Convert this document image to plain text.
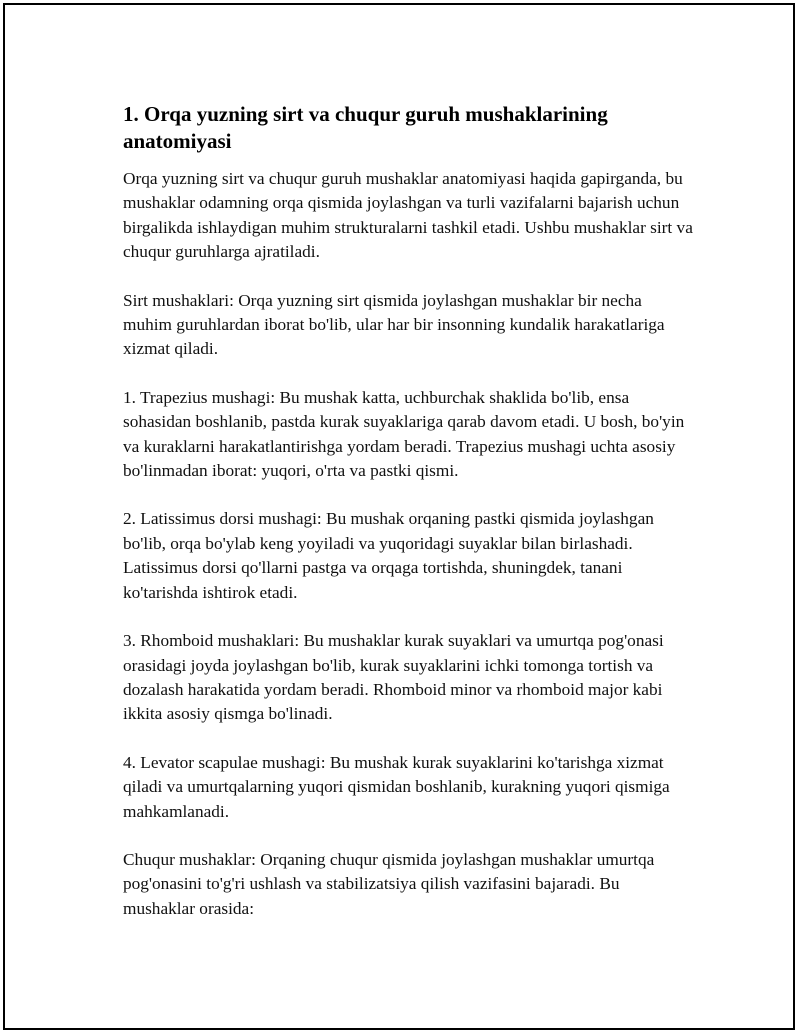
1. Orqa yuzning sirt va chuqur guruh mushaklarining anatomiyasi

Orqa yuzning sirt va chuqur guruh mushaklar anatomiyasi haqida gapirganda, bu mushaklar odamning orqa qismida joylashgan va turli vazifalarni bajarish uchun birgalikda ishlaydigan muhim strukturalarni tashkil etadi. Ushbu mushaklar sirt va chuqur guruhlarga ajratiladi.

Sirt mushaklari: Orqa yuzning sirt qismida joylashgan mushaklar bir necha muhim guruhlardan iborat bo'lib, ular har bir insonning kundalik harakatlariga xizmat qiladi.

1. Trapezius mushagi: Bu mushak katta, uchburchak shaklida bo'lib, ensa sohasidan boshlanib, pastda kurak suyaklariga qarab davom etadi. U bosh, bo'yin va kuraklarni harakatlantirishga yordam beradi. Trapezius mushagi uchta asosiy bo'linmadan iborat: yuqori, o'rta va pastki qismi.

2. Latissimus dorsi mushagi: Bu mushak orqaning pastki qismida joylashgan bo'lib, orqa bo'ylab keng yoyiladi va yuqoridagi suyaklar bilan birlashadi. Latissimus dorsi qo'llarni pastga va orqaga tortishda, shuningdek, tanani ko'tarishda ishtirok etadi.

3. Rhomboid mushaklari: Bu mushaklar kurak suyaklari va umurtqa pog'onasi orasidagi joyda joylashgan bo'lib, kurak suyaklarini ichki tomonga tortish va dozalash harakatida yordam beradi. Rhomboid minor va rhomboid major kabi ikkita asosiy qismga bo'linadi.

4. Levator scapulae mushagi: Bu mushak kurak suyaklarini ko'tarishga xizmat qiladi va umurtqalarning yuqori qismidan boshlanib, kurakning yuqori qismiga mahkamlanadi.

Chuqur mushaklar: Orqaning chuqur qismida joylashgan mushaklar umurtqa pog'onasini to'g'ri ushlash va stabilizatsiya qilish vazifasini bajaradi. Bu mushaklar orasida:
